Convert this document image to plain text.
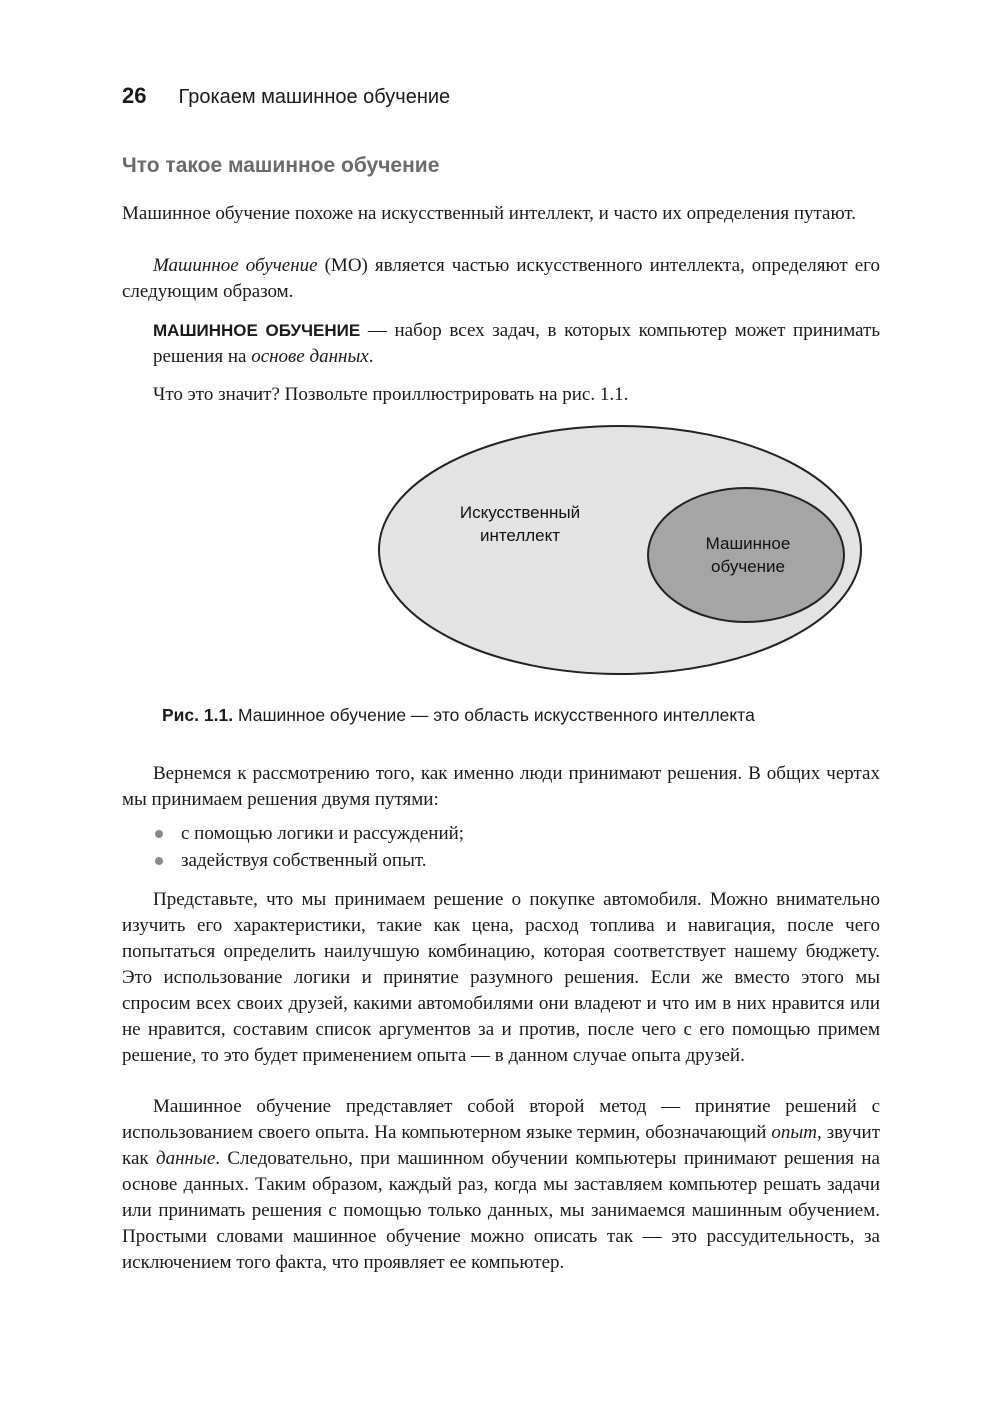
26 Грокаем машинное обучение
Что такое машинное обучение
Машинное обучение похоже на искусственный интеллект, и часто их определения путают.
Машинное обучение (МО) является частью искусственного интеллекта, определяют его следующим образом.
МАШИННОЕ ОБУЧЕНИЕ — набор всех задач, в которых компьютер может принимать решения на основе данных.
Что это значит? Позвольте проиллюстрировать на рис. 1.1.
Искусственный
интеллект	Машинное
обучение
Рис. 1.1. Машинное обучение — это область искусственного интеллекта
Вернемся к рассмотрению того, как именно люди принимают решения. В общих чертах мы принимаем решения двумя путями:
с помощью логики и рассуждений;
задействуя собственный опыт.
Представьте, что мы принимаем решение о покупке автомобиля. Можно внимательно изучить его характеристики, такие как цена, расход топлива и навигация, после чего попытаться определить наилучшую комбинацию, которая соответствует нашему бюджету. Это использование логики и принятие разумного решения. Если же вместо этого мы спросим всех своих друзей, какими автомобилями они владеют и что им в них нравится или не нравится, составим список аргументов за и против, после чего с его помощью примем решение, то это будет применением опыта — в данном случае опыта друзей.
Машинное обучение представляет собой второй метод — принятие решений с использованием своего опыта. На компьютерном языке термин, обозначающий опыт, звучит как данные. Следовательно, при машинном обучении компьютеры принимают решения на основе данных. Таким образом, каждый раз, когда мы заставляем компьютер решать задачи или принимать решения с помощью только данных, мы занимаемся машинным обучением. Простыми словами машинное обучение можно описать так — это рассудительность, за исключением того факта, что проявляет ее компьютер.
